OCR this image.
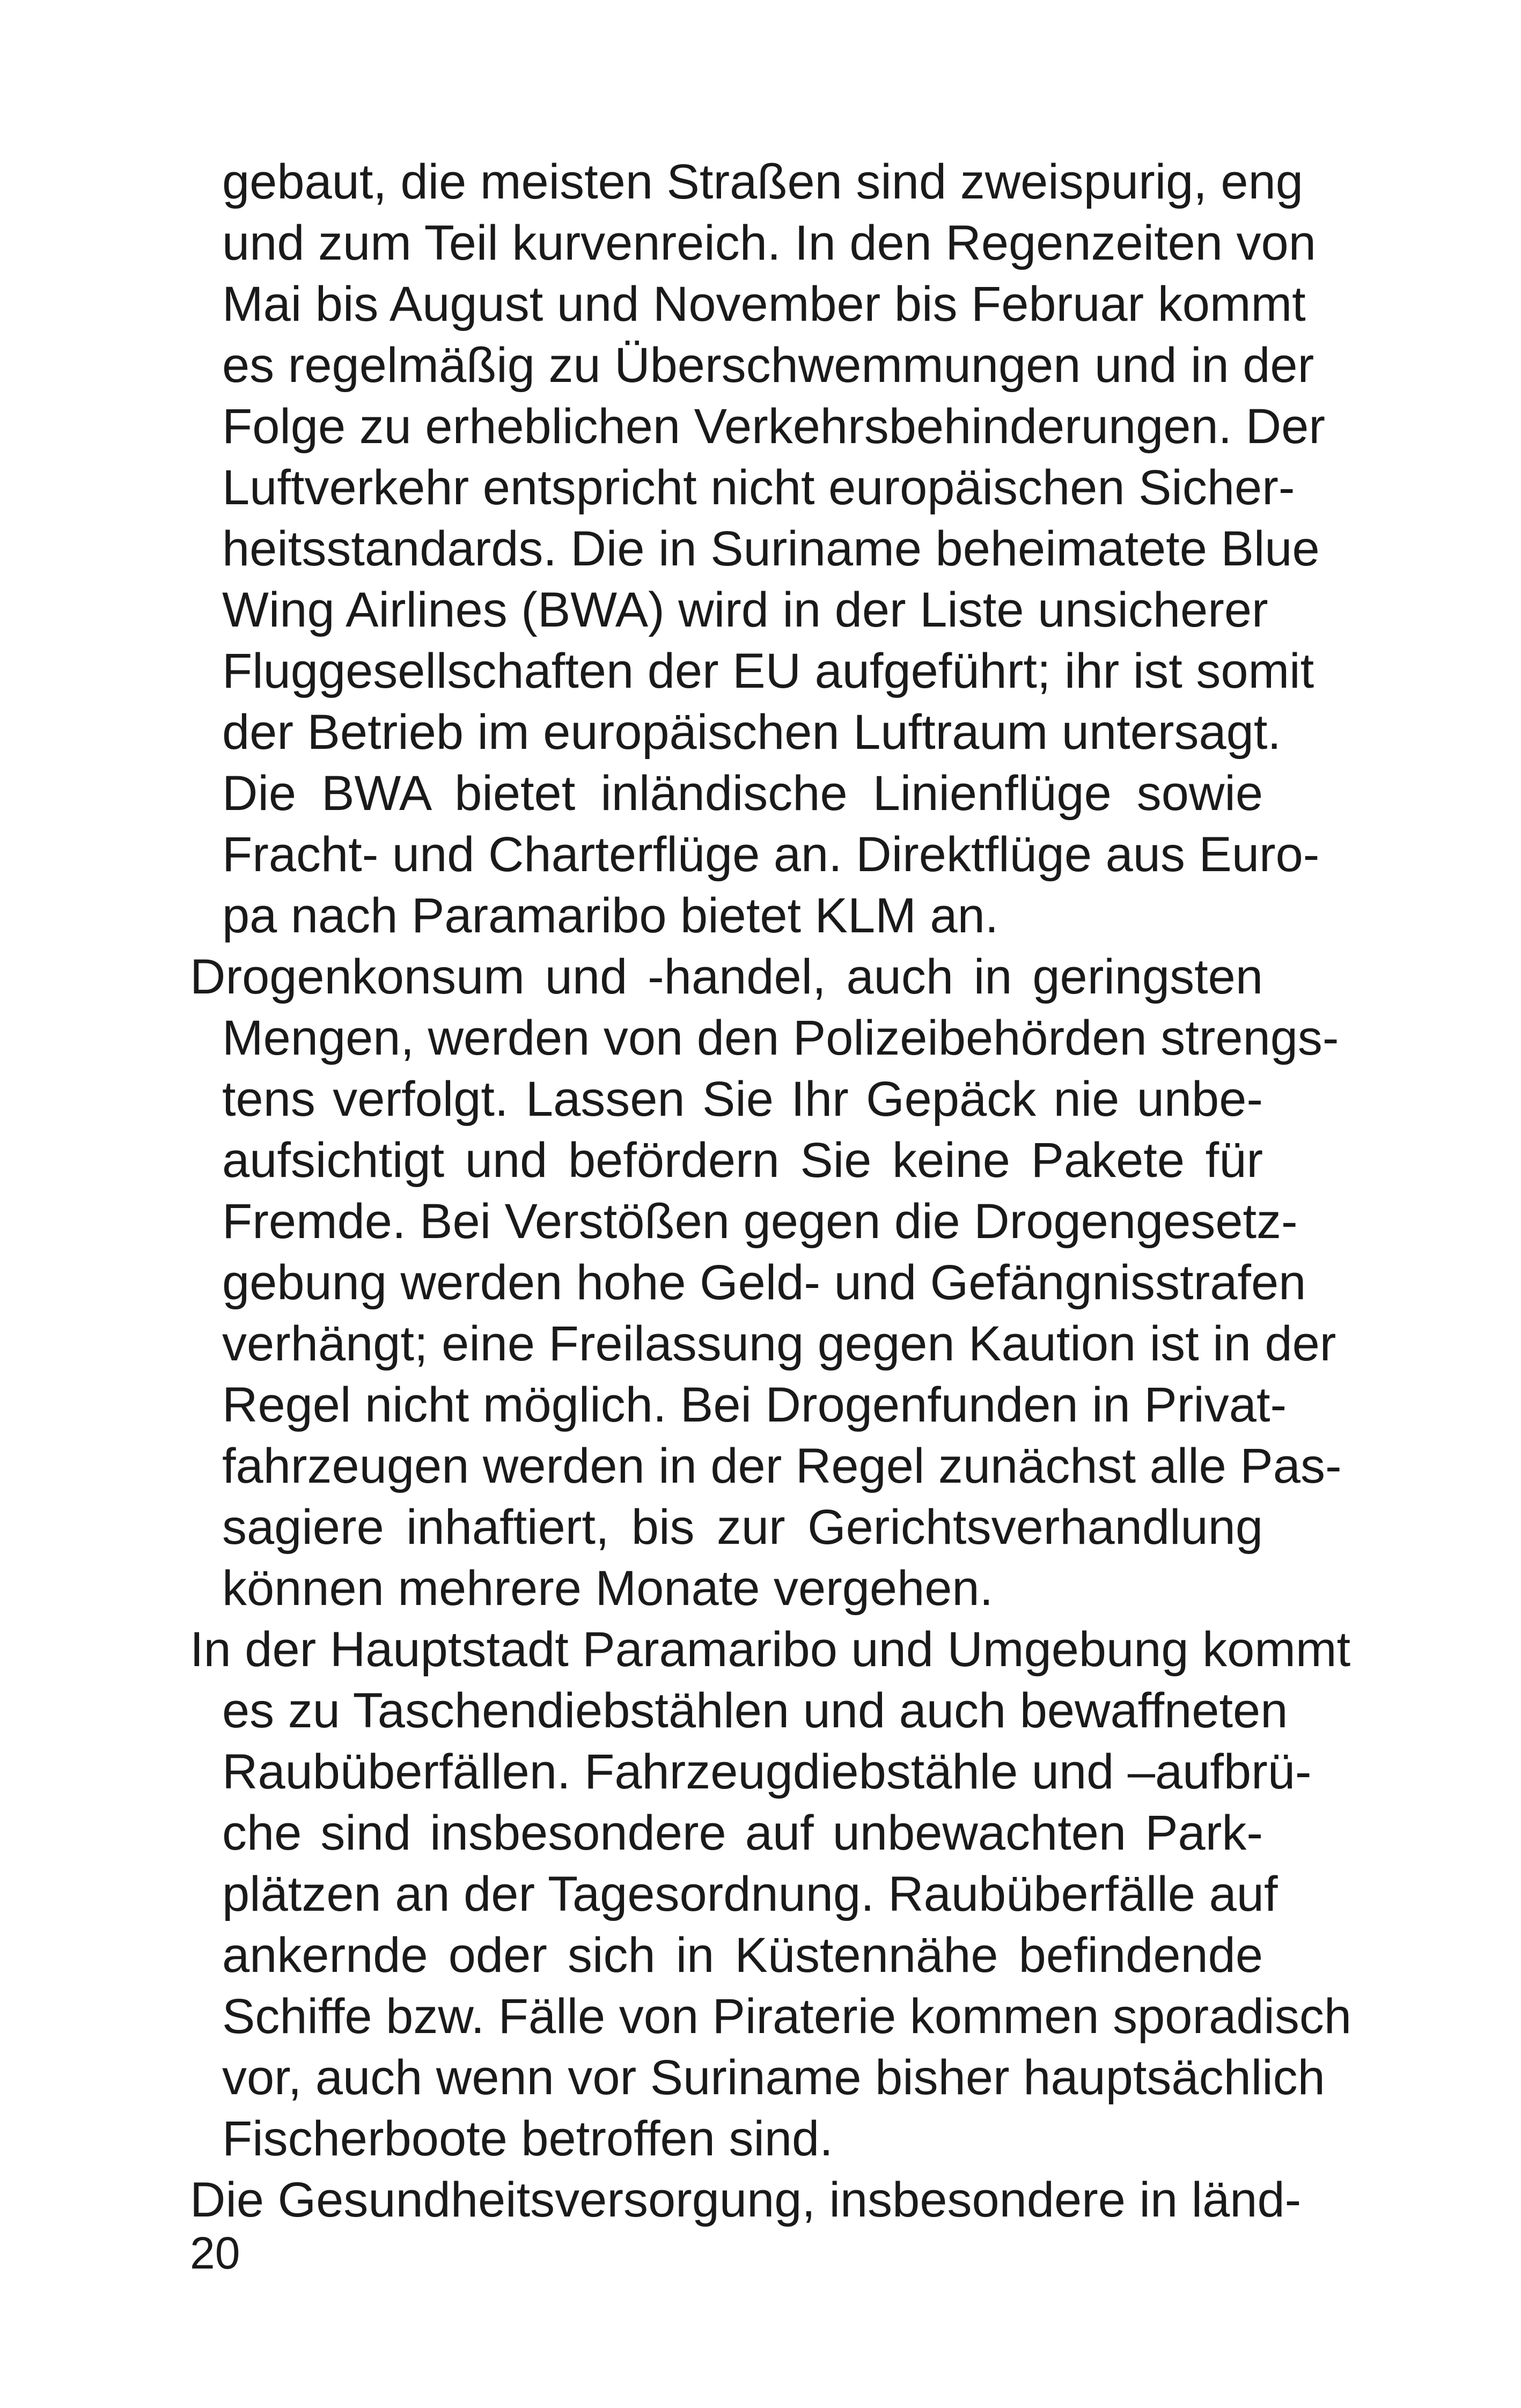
gebaut, die meisten Straßen sind zweispurig, eng
und zum Teil kurvenreich. In den Regenzeiten von
Mai bis August und November bis Februar kommt
es regelmäßig zu Überschwemmungen und in der
Folge zu erheblichen Verkehrsbehinderungen. Der
Luftverkehr entspricht nicht europäischen Sicher-
heitsstandards. Die in Suriname beheimatete Blue
Wing Airlines (BWA) wird in der Liste unsicherer
Fluggesellschaften der EU aufgeführt; ihr ist somit
der Betrieb im europäischen Luftraum untersagt.
Die BWA bietet inländische Linienflüge sowie
Fracht- und Charterflüge an. Direktflüge aus Euro-
pa nach Paramaribo bietet KLM an.
Drogenkonsum und -handel, auch in geringsten
Mengen, werden von den Polizeibehörden strengs-
tens verfolgt. Lassen Sie Ihr Gepäck nie unbe-
aufsichtigt und befördern Sie keine Pakete für
Fremde. Bei Verstößen gegen die Drogengesetz-
gebung werden hohe Geld- und Gefängnisstrafen
verhängt; eine Freilassung gegen Kaution ist in der
Regel nicht möglich. Bei Drogenfunden in Privat-
fahrzeugen werden in der Regel zunächst alle Pas-
sagiere inhaftiert, bis zur Gerichtsverhandlung
können mehrere Monate vergehen.
In der Hauptstadt Paramaribo und Umgebung kommt
es zu Taschendiebstählen und auch bewaffneten
Raubüberfällen. Fahrzeugdiebstähle und –aufbrü-
che sind insbesondere auf unbewachten Park-
plätzen an der Tagesordnung. Raubüberfälle auf
ankernde oder sich in Küstennähe befindende
Schiffe bzw. Fälle von Piraterie kommen sporadisch
vor, auch wenn vor Suriname bisher hauptsächlich
Fischerboote betroffen sind.
Die Gesundheitsversorgung, insbesondere in länd-
20
